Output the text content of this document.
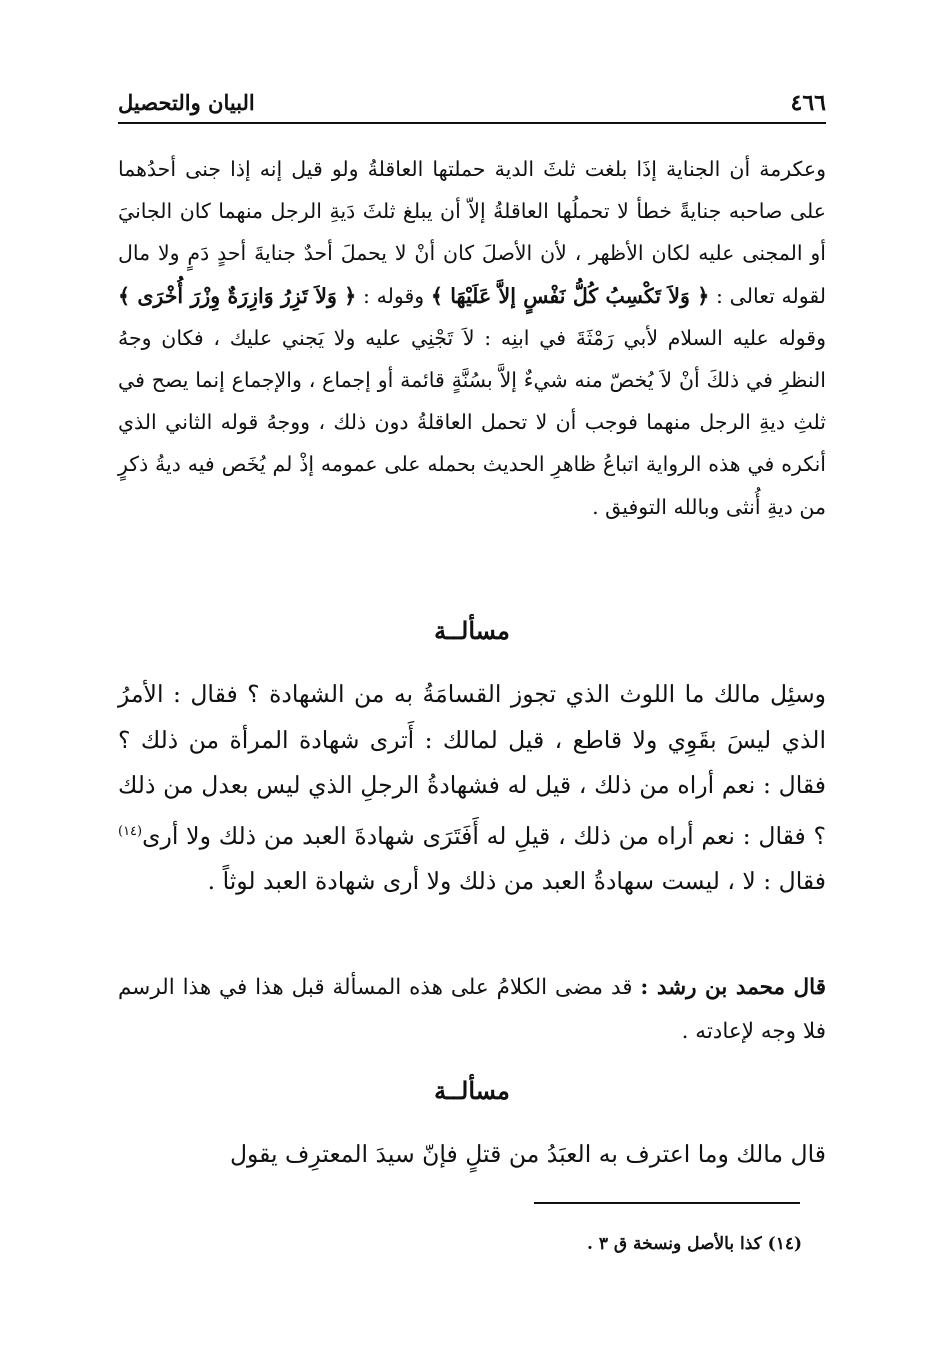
٤٦٦
البيان والتحصيل
وعكرمة أن الجناية إذَا بلغت ثلثَ الدية حملتها العاقلةُ ولو قيل إنه إذا جنى أحدُهما على صاحبه جنايةً خطأ لا تحملُها العاقلةُ إلاّ أن يبلغ ثلثَ دَيةِ الرجل منهما كان الجانيَ أو المجنى عليه لكان الأظهر ، لأن الأصلَ كان أنْ لا يحملَ أحدٌ جنايةَ أحدٍ دَمٍ ولا مال لقوله تعالى : ﴿ وَلاَ تَكْسِبُ كُلُّ نَفْسٍ إلاَّ عَلَيْهَا ﴾ وقوله : ﴿ وَلاَ تَزِرُ وَازِرَةٌ وِزْرَ أُخْرَى ﴾ وقوله عليه السلام لأبي رَمْثَةَ في ابنِه : لاَ تَجْنِي عليه ولا يَجني عليك ، فكان وجهُ النظرِ في ذلكَ أنْ لاَ يُخصّ منه شيءٌ إلاَّ بسُنَّةٍ قائمة أو إجماع ، والإجماع إنما يصح في ثلثِ ديةِ الرجل منهما فوجب أن لا تحمل العاقلةُ دون ذلك ، ووجهُ قوله الثاني الذي أنكره في هذه الرواية اتباعُ ظاهرِ الحديث بحمله على عمومه إذْ لم يُخَص فيه ديةُ ذكرٍ من ديةِ أُنثى وبالله التوفيق .
مسألــة
وسئِل مالك ما اللوث الذي تجوز القسامَةُ به من الشهادة ؟ فقال : الأمرُ الذي ليسَ بقَوِي ولا قاطع ، قيل لمالك : أَترى شهادة المرأة من ذلك ؟ فقال : نعم أراه من ذلك ، قيل له فشهادةُ الرجلِ الذي ليس بعدل من ذلك ؟ فقال : نعم أراه من ذلك ، قيلِ له أَفَتَرَى شهادةَ العبد من ذلك ولا أرى$^{(١٤)}$ فقال : لا ، ليست سهادةُ العبد من ذلك ولا أرى شهادة العبد لوثاً .
قال محمد بن رشد : قد مضى الكلامُ على هذه المسألة قبل هذا في هذا الرسم فلا وجه لإعادته .
مسألــة
قال مالك وما اعترف به العبَدُ من قتلٍ فإنّ سيدَ المعترِف يقول
(١٤) كذا بالأصل ونسخة ق ٣ .
